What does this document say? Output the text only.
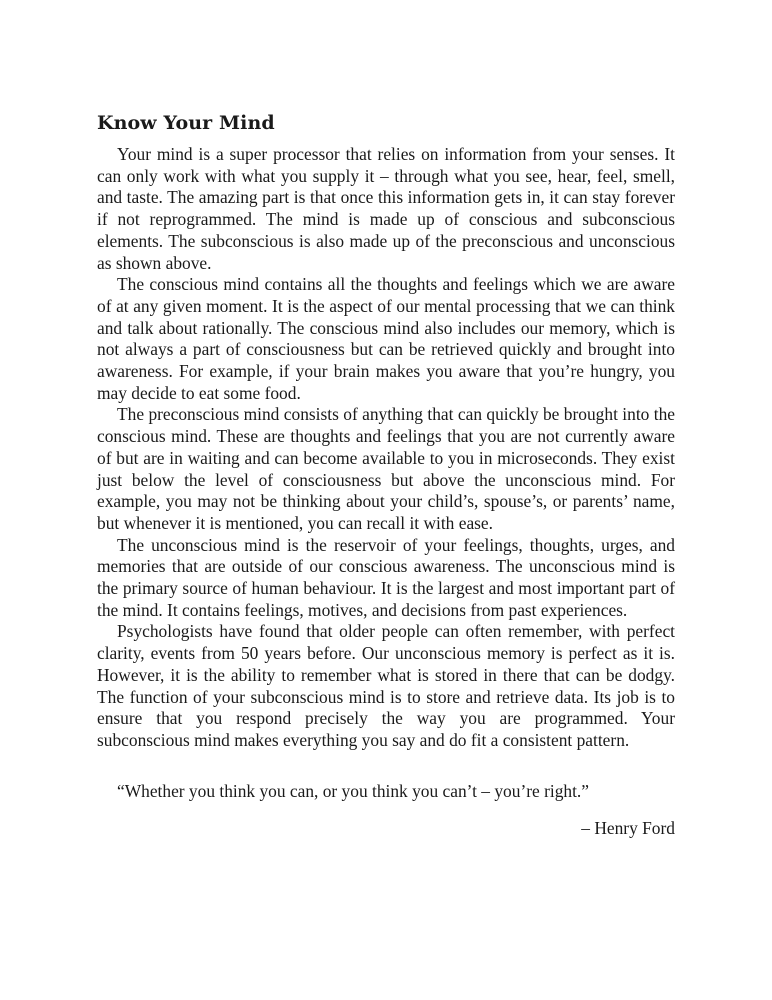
Know Your Mind

Your mind is a super processor that relies on information from your senses. It can only work with what you supply it – through what you see, hear, feel, smell, and taste. The amazing part is that once this information gets in, it can stay forever if not reprogrammed. The mind is made up of conscious and subconscious elements. The subconscious is also made up of the preconscious and unconscious as shown above.

The conscious mind contains all the thoughts and feelings which we are aware of at any given moment. It is the aspect of our mental processing that we can think and talk about rationally. The conscious mind also includes our memory, which is not always a part of consciousness but can be retrieved quickly and brought into awareness. For example, if your brain makes you aware that you’re hungry, you may decide to eat some food.

The preconscious mind consists of anything that can quickly be brought into the conscious mind. These are thoughts and feelings that you are not currently aware of but are in waiting and can become available to you in microseconds. They exist just below the level of consciousness but above the unconscious mind. For example, you may not be thinking about your child’s, spouse’s, or parents’ name, but whenever it is mentioned, you can recall it with ease.

The unconscious mind is the reservoir of your feelings, thoughts, urges, and memories that are outside of our conscious awareness. The unconscious mind is the primary source of human behaviour. It is the largest and most important part of the mind. It contains feelings, motives, and decisions from past experiences.

Psychologists have found that older people can often remember, with perfect clarity, events from 50 years before. Our unconscious memory is perfect as it is. However, it is the ability to remember what is stored in there that can be dodgy. The function of your subconscious mind is to store and retrieve data. Its job is to ensure that you respond precisely the way you are programmed. Your subconscious mind makes everything you say and do fit a consistent pattern.

“Whether you think you can, or you think you can’t – you’re right.”

– Henry Ford
